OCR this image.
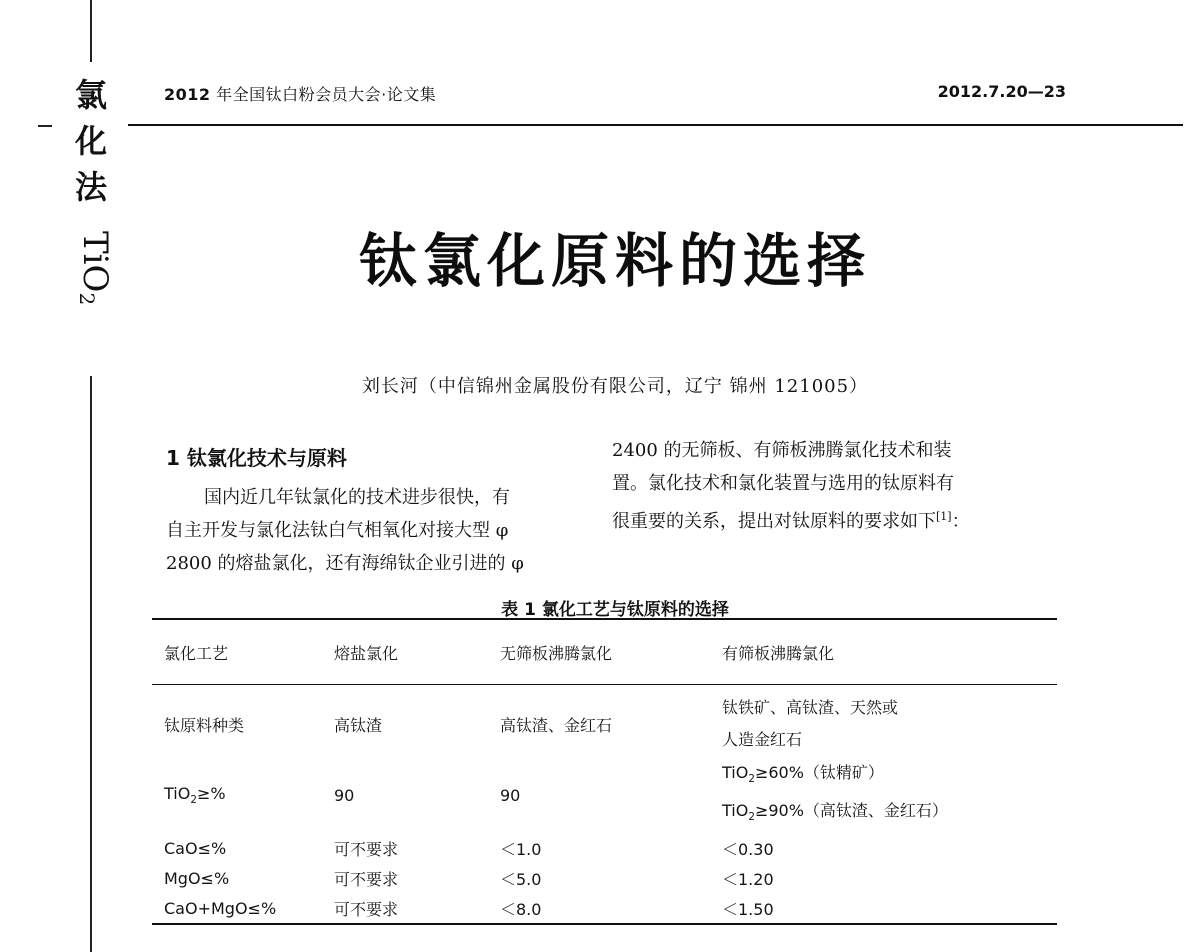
氯
化
法
TiO$_2$
2012 年全国钛白粉会员大会·论文集	2012.7.20—23
钛氯化原料的选择
刘长河（中信锦州金属股份有限公司，辽宁 锦州 121005）
1 钛氯化技术与原料
国内近几年钛氯化的技术进步很快，有
自主开发与氯化法钛白气相氧化对接大型 φ
2800 的熔盐氯化，还有海绵钛企业引进的 φ
2400 的无筛板、有筛板沸腾氯化技术和装
置。氯化技术和氯化装置与选用的钛原料有
很重要的关系，提出对钛原料的要求如下[1]：
表 1 氯化工艺与钛原料的选择
氯化工艺	熔盐氯化	无筛板沸腾氯化	有筛板沸腾氯化
钛原料种类	高钛渣	高钛渣、金红石	钛铁矿、高钛渣、天然或
人造金红石

TiO$_2$≥%	90	90	TiO$_2$≥60%（钛精矿）
TiO$_2$≥90%（高钛渣、金红石）

CaO≤%	可不要求	＜1.0	＜0.30
MgO≤%	可不要求	＜5.0	＜1.20
CaO+MgO≤%	可不要求	＜8.0	＜1.50
